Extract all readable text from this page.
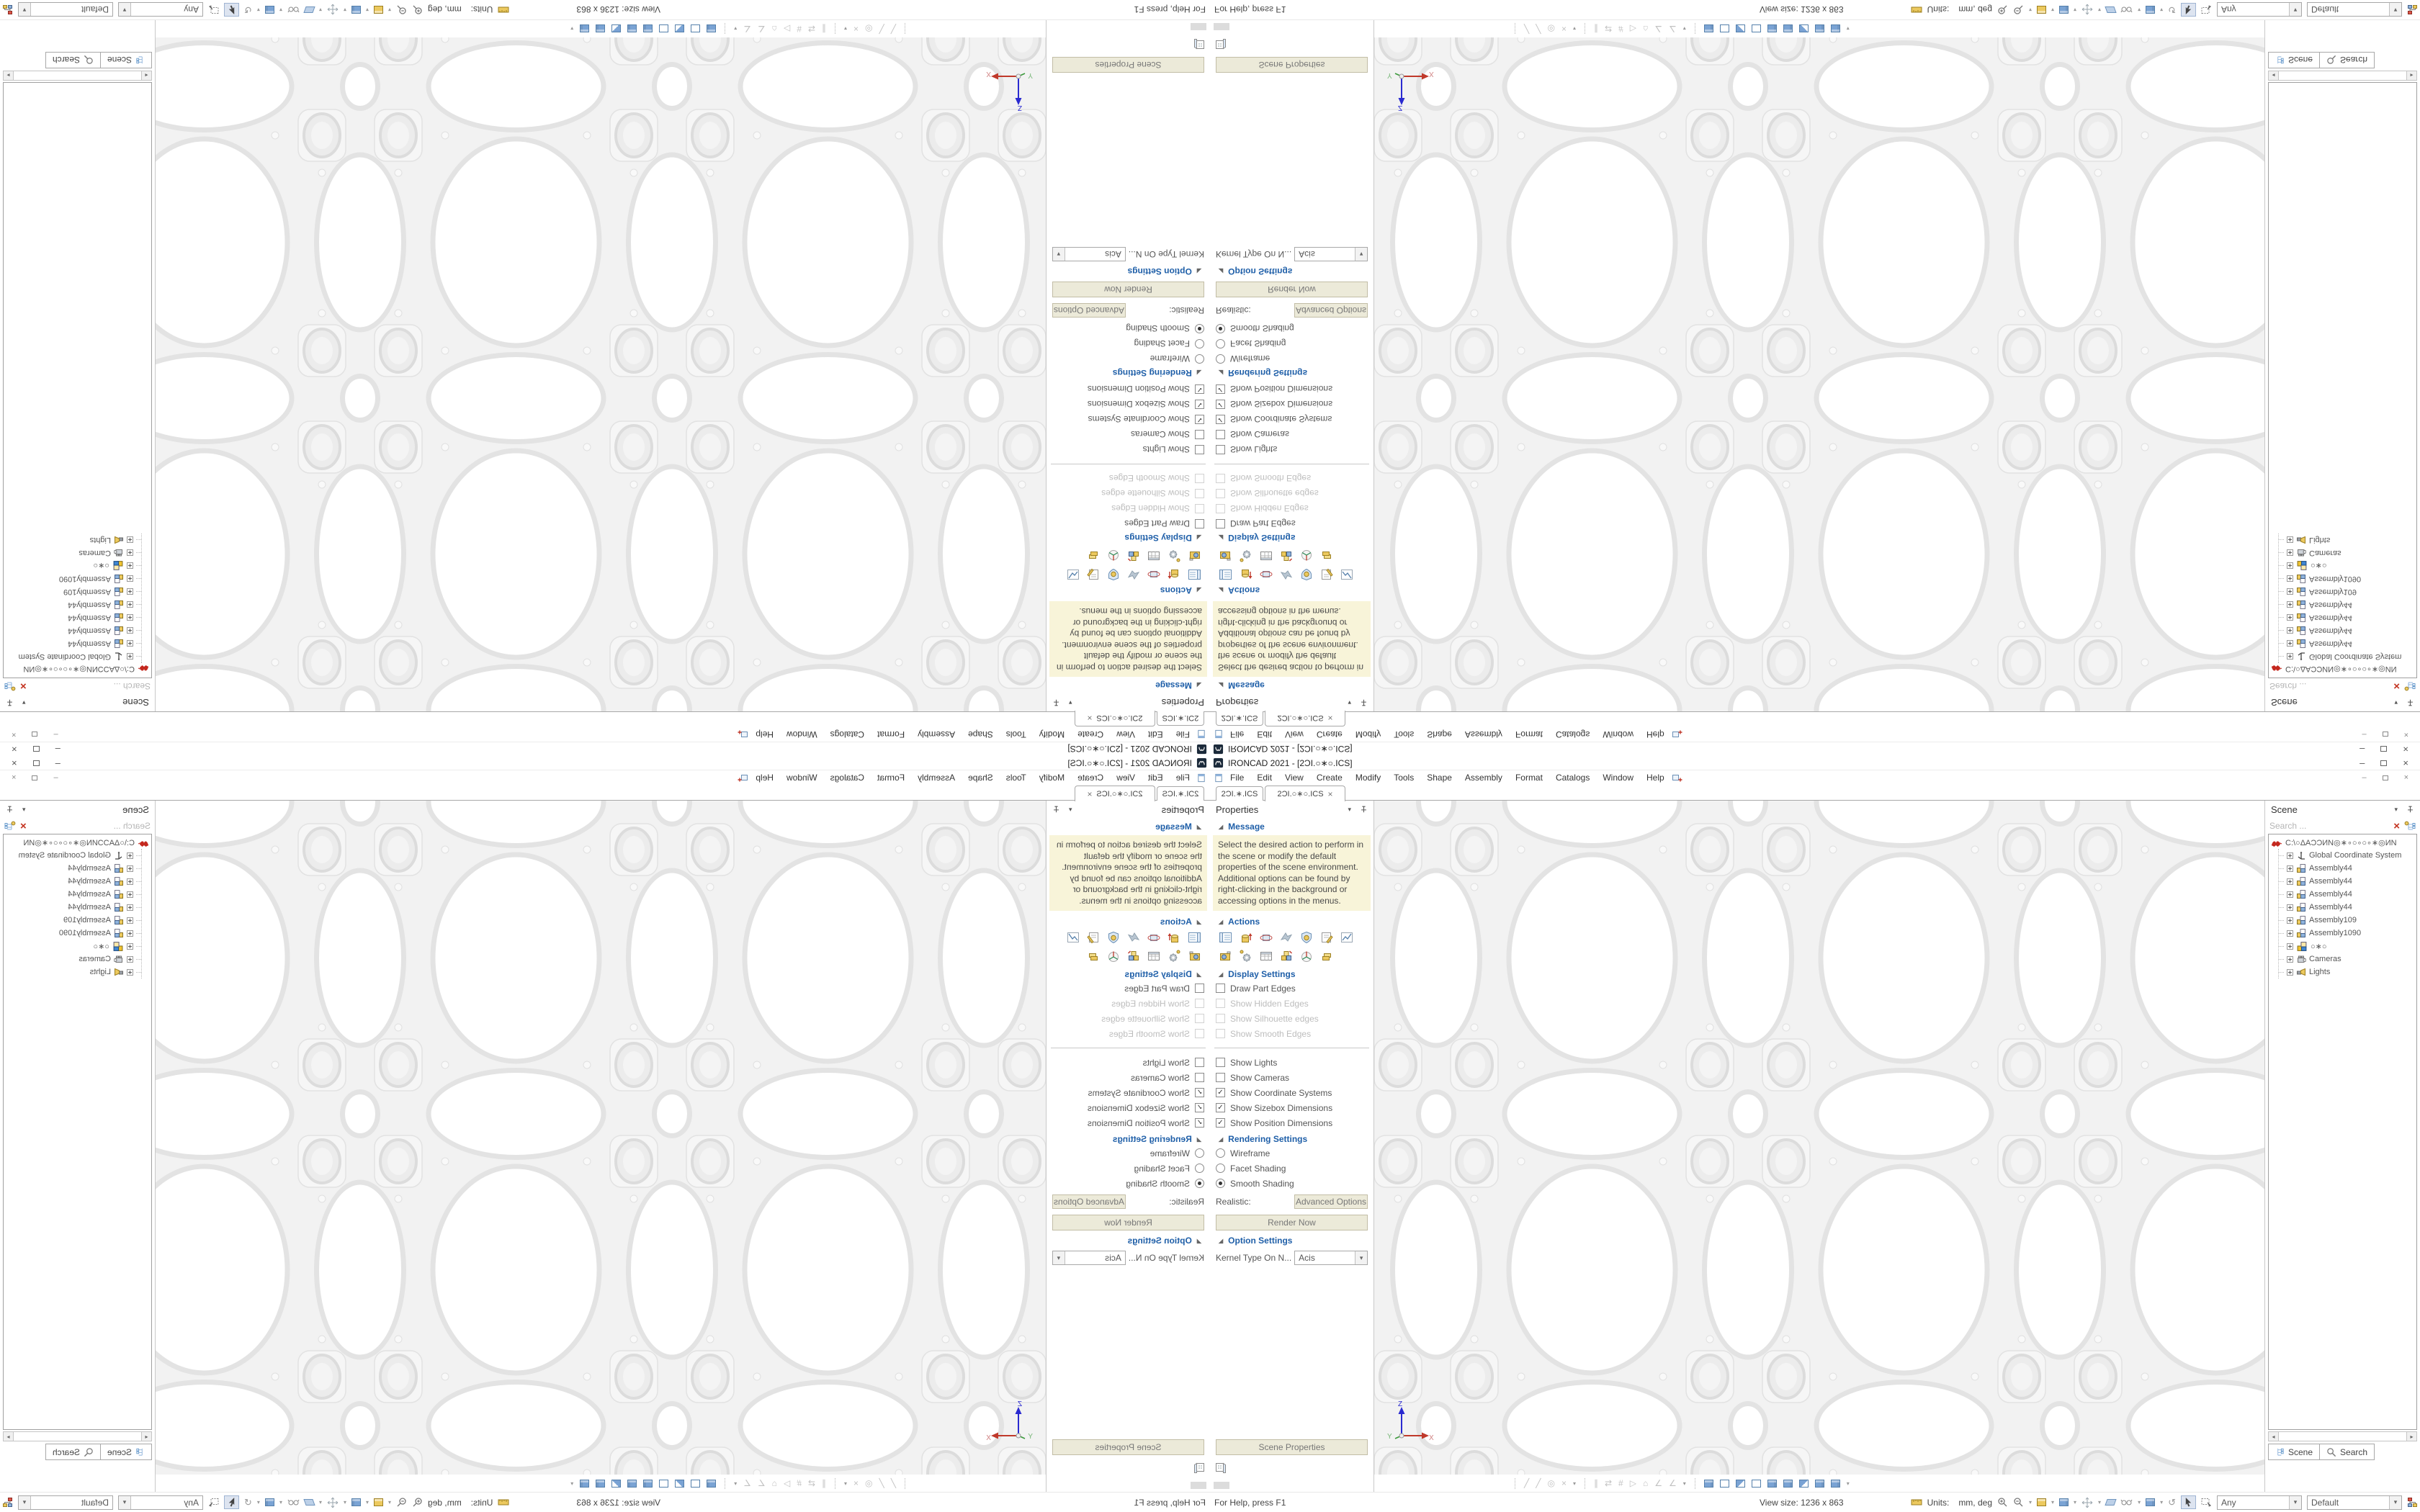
IRONCAD 2021 - [2ƆI.○∗○.ICS]
–
×
File
Edit
View
Create
Modify
Tools
Shape
Assembly
Format
Catalogs
Window
Help
–
×
2ƆI.∗.ICS
2ƆI.○∗○.ICS
×
Properties
▾
◢
Message
Select the desired action to perform in the scene or modify the default properties of the scene environment. Additional options can be found by right-clicking in the background or accessing options in the menus.
◢
Actions
◢
Display Settings
Draw Part Edges
Show Hidden Edges
Show Silhouette edges
Show Smooth Edges
Show Lights
Show Cameras
✓
Show Coordinate Systems
✓
Show Sizebox Dimensions
✓
Show Position Dimensions
◢
Rendering Settings
Wireframe
Facet Shading
Smooth Shading
Realistic:
Advanced Options
Render Now
◢
Option Settings
Kernel Type On N...
Acis
▾
Scene Properties
Z
X	Y
Scene
▾
Search ...
×
C:\○ΔAƆƆИN◎∗∘○∘○∘∗◎ИN
Global Coordinate System
Assembly44
Assembly44
Assembly44
Assembly44
Assembly109
Assembly1090
○∗○
Cameras
Lights
◂
▸
Scene
Search
╱
╱
◎
×
▾
∥
⇄
#
▷
⌂
∠
∠
▾
▾
For Help, press F1
View size: 1236 x 863
Units:
mm, deg
▾
▾
▾
▾
▾
▾
↺
Any
▾
Default
▾
IRONCAD 2021 - [2ƆI.○∗○.ICS]	–	×
File	Edit	View	Create	Modify	Tools	Shape	Assembly	Format	Catalogs	Window	Help	–	×
2ƆI.∗.ICS 2ƆI.○∗○.ICS ×
Properties	▾
◢ Message
Select the desired action to perform in the scene or modify the default properties of the scene environment. Additional options can be found by right-clicking in the background or accessing options in the menus.
◢ Actions
◢ Display Settings
Draw Part Edges
Show Hidden Edges
Show Silhouette edges
Show Smooth Edges
Show Lights
Show Cameras
✓ Show Coordinate Systems
✓ Show Sizebox Dimensions
✓ Show Position Dimensions
◢ Rendering Settings
Wireframe
Facet Shading
Smooth Shading
Realistic:	Advanced Options
Render Now
◢ Option Settings
Kernel Type On N... Acis	▾
Scene Properties
Z
X
Y
Scene	▾
Search ...	×
C:\○ΔAƆƆИN◎∗∘○∘○∘∗◎ИN
Global Coordinate System
Assembly44
Assembly44
Assembly44
Assembly44
Assembly109
Assembly1090
○∗○
Cameras
Lights
◂	▸
Scene	Search
╱ ╱ ◎ × ▾ ∥ ⇄ # ▷ ⌂ ∠ ∠ ▾	▾
For Help, press F1	View size: 1236 x 863	Units: mm, deg	▾	▾	▾	▾	▾	▾ ↺	Any	▾	Default	▾
IRONCAD 2021 - [2ƆI.○∗○.ICS]
–
×
File
Edit
View
Create
Modify
Tools
Shape
Assembly
Format
Catalogs
Window
Help
–
×
2ƆI.∗.ICS
2ƆI.○∗○.ICS
×
Properties
▾
◢
Message
Select the desired action to perform in the scene or modify the default properties of the scene environment. Additional options can be found by right-clicking in the background or accessing options in the menus.
◢
Actions
◢
Display Settings
Draw Part Edges
Show Hidden Edges
Show Silhouette edges
Show Smooth Edges
Show Lights
Show Cameras
✓
Show Coordinate Systems
✓
Show Sizebox Dimensions
✓
Show Position Dimensions
◢
Rendering Settings
Wireframe
Facet Shading
Smooth Shading
Realistic:
Advanced Options
Render Now
◢
Option Settings
Kernel Type On N...
Acis
▾
Scene Properties
Z
X	Y
Scene
▾
Search ...
×
C:\○ΔAƆƆИN◎∗∘○∘○∘∗◎ИN
Global Coordinate System
Assembly44
Assembly44
Assembly44
Assembly44
Assembly109
Assembly1090
○∗○
Cameras
Lights
◂
▸
Scene
Search
╱
╱
◎
×
▾
∥
⇄
#
▷
⌂
∠
∠
▾
▾
For Help, press F1
View size: 1236 x 863
Units:
mm, deg
▾
▾
▾
▾
▾
▾
↺
Any
▾
Default
▾
IRONCAD 2021 - [2ƆI.○∗○.ICS]	–	×
File	Edit	View	Create	Modify	Tools	Shape	Assembly	Format	Catalogs	Window	Help	–	×
2ƆI.∗.ICS 2ƆI.○∗○.ICS ×
Properties	▾
◢ Message
Select the desired action to perform in the scene or modify the default properties of the scene environment. Additional options can be found by right-clicking in the background or accessing options in the menus.
◢ Actions
◢ Display Settings
Draw Part Edges
Show Hidden Edges
Show Silhouette edges
Show Smooth Edges
Show Lights
Show Cameras
✓ Show Coordinate Systems
✓ Show Sizebox Dimensions
✓ Show Position Dimensions
◢ Rendering Settings
Wireframe
Facet Shading
Smooth Shading
Realistic:	Advanced Options
Render Now
◢ Option Settings
Kernel Type On N... Acis	▾
Scene Properties
Z
X
Y
Scene	▾
Search ...	×
C:\○ΔAƆƆИN◎∗∘○∘○∘∗◎ИN
Global Coordinate System
Assembly44
Assembly44
Assembly44
Assembly44
Assembly109
Assembly1090
○∗○
Cameras
Lights
◂	▸
Scene	Search
╱ ╱ ◎ × ▾ ∥ ⇄ # ▷ ⌂ ∠ ∠ ▾	▾
For Help, press F1	View size: 1236 x 863	Units: mm, deg	▾	▾	▾	▾	▾	▾ ↺	Any	▾	Default	▾
